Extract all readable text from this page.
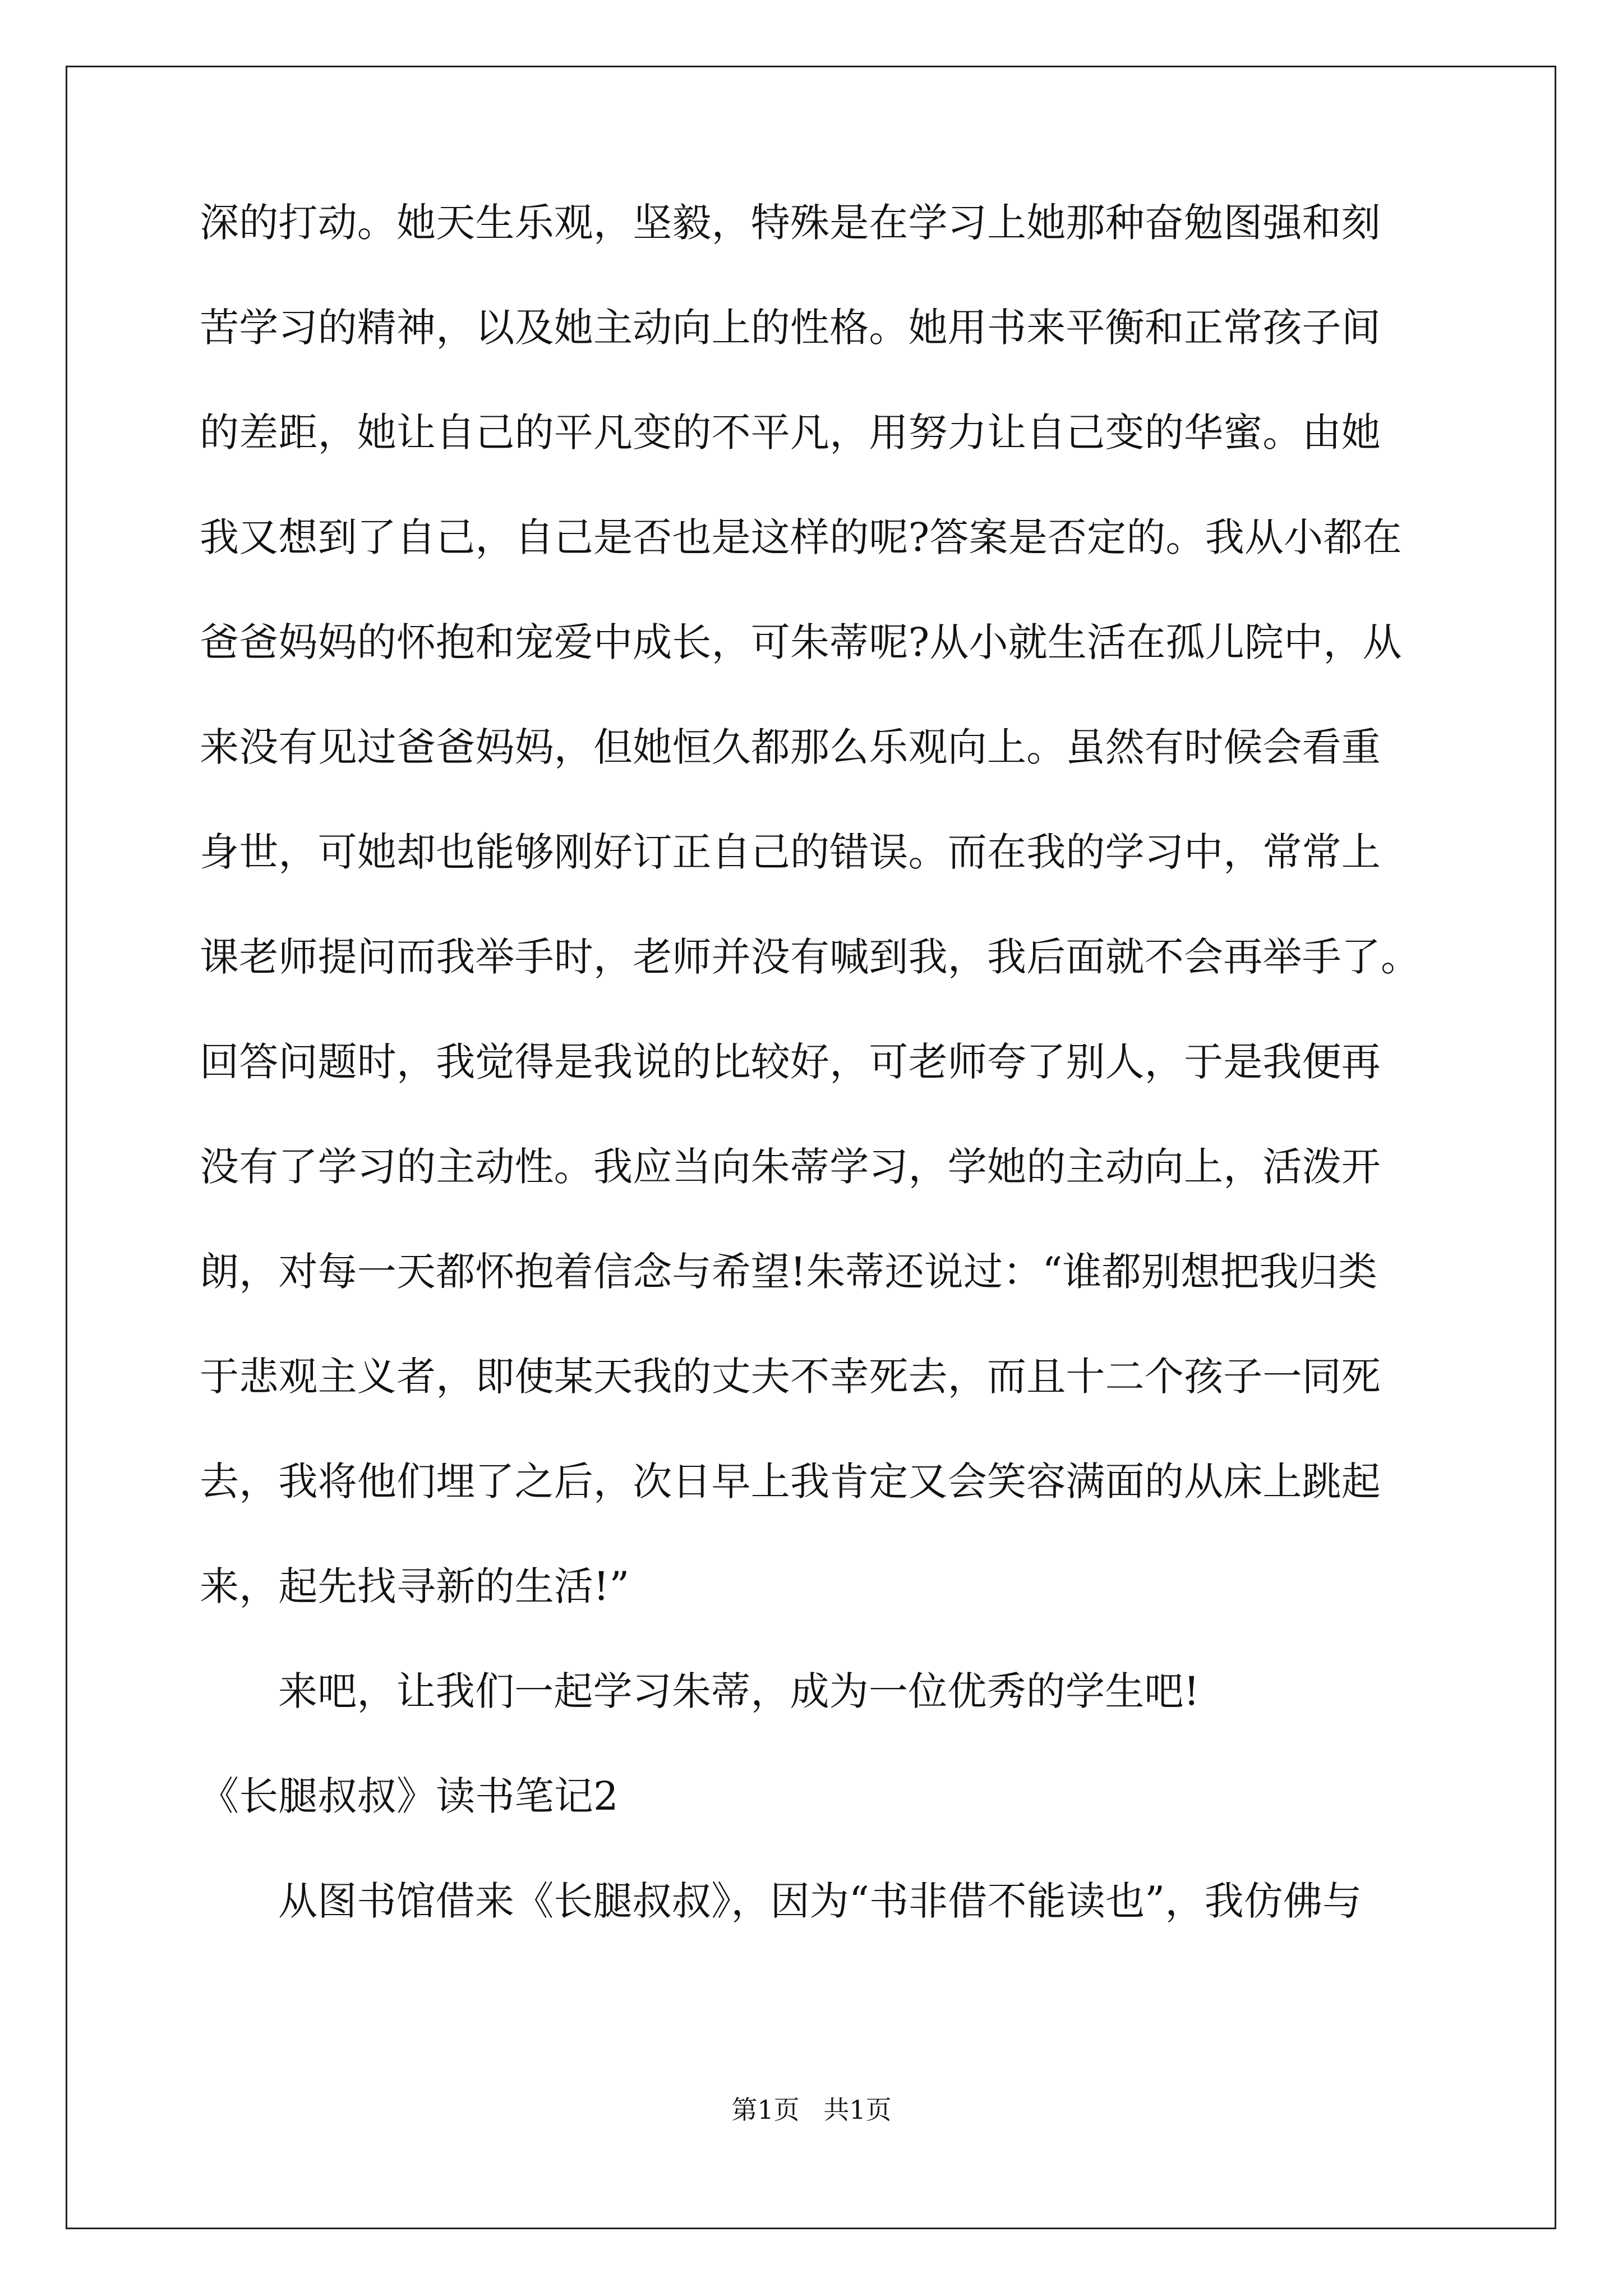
深的打动。她天生乐观，坚毅，特殊是在学习上她那种奋勉图强和刻
苦学习的精神，以及她主动向上的性格。她用书来平衡和正常孩子间
的差距，她让自己的平凡变的不平凡，用努力让自己变的华蜜。由她
我又想到了自己，自己是否也是这样的呢?答案是否定的。我从小都在
爸爸妈妈的怀抱和宠爱中成长，可朱蒂呢?从小就生活在孤儿院中，从
来没有见过爸爸妈妈，但她恒久都那么乐观向上。虽然有时候会看重
身世，可她却也能够刚好订正自己的错误。而在我的学习中，常常上
课老师提问而我举手时，老师并没有喊到我，我后面就不会再举手了。
回答问题时，我觉得是我说的比较好，可老师夸了别人，于是我便再
没有了学习的主动性。我应当向朱蒂学习，学她的主动向上，活泼开
朗，对每一天都怀抱着信念与希望!朱蒂还说过：“谁都别想把我归类
于悲观主义者，即使某天我的丈夫不幸死去，而且十二个孩子一同死
去，我将他们埋了之后，次日早上我肯定又会笑容满面的从床上跳起
来，起先找寻新的生活!”
来吧，让我们一起学习朱蒂，成为一位优秀的学生吧!
《长腿叔叔》读书笔记2
从图书馆借来《长腿叔叔》，因为“书非借不能读也”，我仿佛与
第1页 共1页
